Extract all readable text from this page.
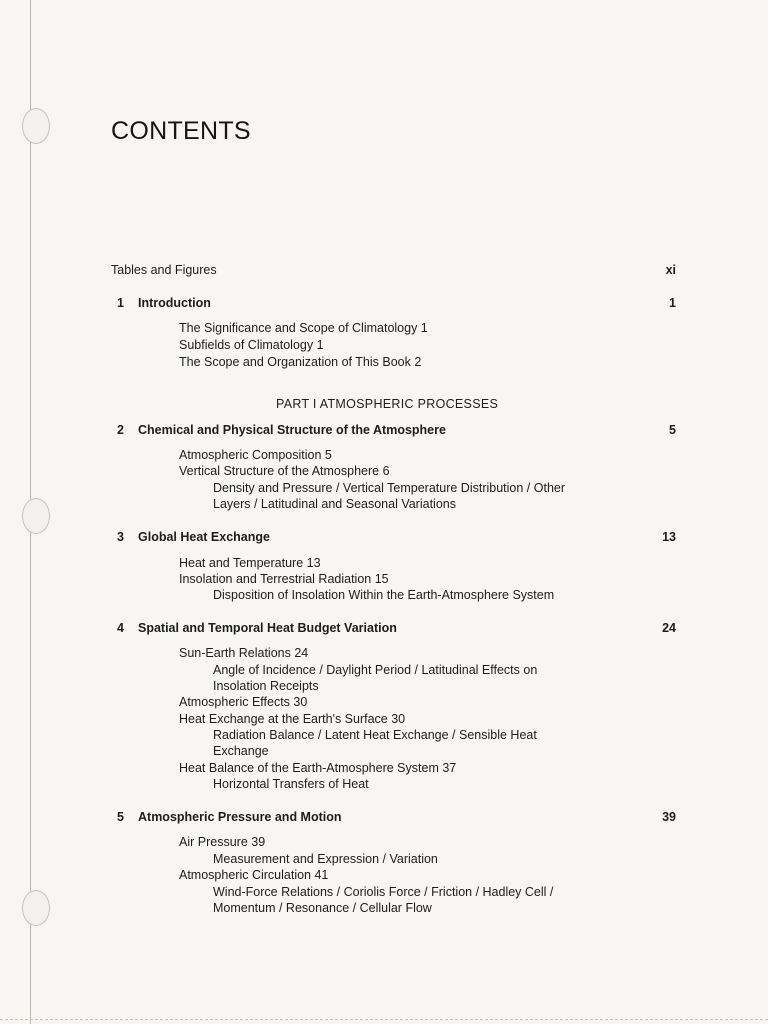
CONTENTS
Tables and Figures	xi
1 Introduction	1
The Significance and Scope of Climatology 1
Subfields of Climatology 1
The Scope and Organization of This Book 2
PART I ATMOSPHERIC PROCESSES
2 Chemical and Physical Structure of the Atmosphere	5
Atmospheric Composition 5
Vertical Structure of the Atmosphere 6
Density and Pressure / Vertical Temperature Distribution / Other
Layers / Latitudinal and Seasonal Variations
3 Global Heat Exchange	13
Heat and Temperature 13
Insolation and Terrestrial Radiation 15
Disposition of Insolation Within the Earth-Atmosphere System
4 Spatial and Temporal Heat Budget Variation	24
Sun-Earth Relations 24
Angle of Incidence / Daylight Period / Latitudinal Effects on
Insolation Receipts
Atmospheric Effects 30
Heat Exchange at the Earth's Surface 30
Radiation Balance / Latent Heat Exchange / Sensible Heat
Exchange
Heat Balance of the Earth-Atmosphere System 37
Horizontal Transfers of Heat
5 Atmospheric Pressure and Motion	39
Air Pressure 39
Measurement and Expression / Variation
Atmospheric Circulation 41
Wind-Force Relations / Coriolis Force / Friction / Hadley Cell /
Momentum / Resonance / Cellular Flow
